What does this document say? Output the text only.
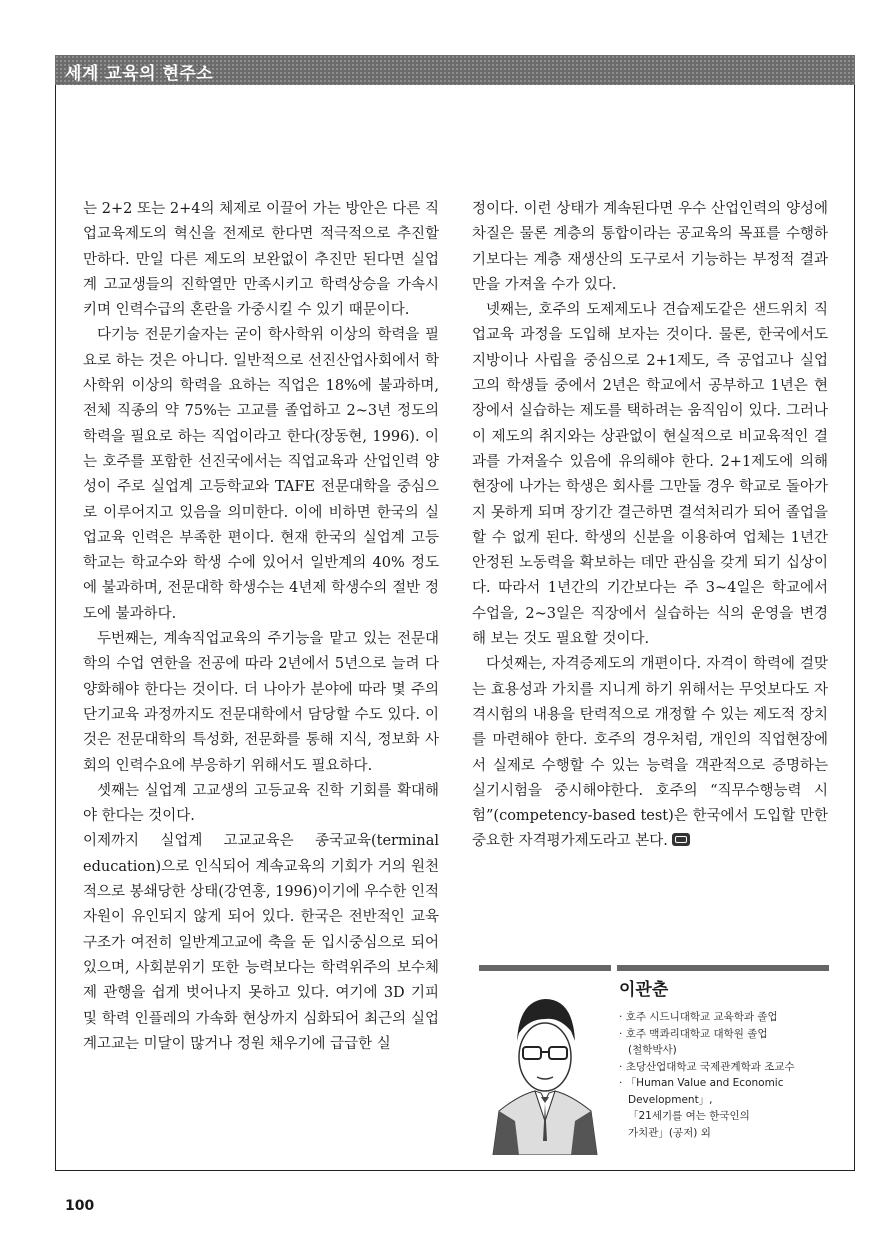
세계 교육의 현주소

는 2+2 또는 2+4의 체제로 이끌어 가는 방안은 다른 직업교육제도의 혁신을 전제로 한다면 적극적으로 추진할 만하다. 만일 다른 제도의 보완없이 추진만 된다면 실업계 고교생들의 진학열만 만족시키고 학력상승을 가속시키며 인력수급의 혼란을 가중시킬 수 있기 때문이다.

다기능 전문기술자는 굳이 학사학위 이상의 학력을 필요로 하는 것은 아니다. 일반적으로 선진산업사회에서 학사학위 이상의 학력을 요하는 직업은 18%에 불과하며, 전체 직종의 약 75%는 고교를 졸업하고 2~3년 정도의 학력을 필요로 하는 직업이라고 한다(장동현, 1996). 이는 호주를 포함한 선진국에서는 직업교육과 산업인력 양성이 주로 실업계 고등학교와 TAFE 전문대학을 중심으로 이루어지고 있음을 의미한다. 이에 비하면 한국의 실업교육 인력은 부족한 편이다. 현재 한국의 실업계 고등학교는 학교수와 학생 수에 있어서 일반계의 40% 정도에 불과하며, 전문대학 학생수는 4년제 학생수의 절반 정도에 불과하다.

두번째는, 계속직업교육의 주기능을 맡고 있는 전문대학의 수업 연한을 전공에 따라 2년에서 5년으로 늘려 다양화해야 한다는 것이다. 더 나아가 분야에 따라 몇 주의 단기교육 과정까지도 전문대학에서 담당할 수도 있다. 이것은 전문대학의 특성화, 전문화를 통해 지식, 정보화 사회의 인력수요에 부응하기 위해서도 필요하다.

셋째는 실업계 고교생의 고등교육 진학 기회를 확대해야 한다는 것이다.

이제까지 실업계 고교교육은 종국교육(terminal education)으로 인식되어 계속교육의 기회가 거의 원천적으로 봉쇄당한 상태(강연홍, 1996)이기에 우수한 인적자원이 유인되지 않게 되어 있다. 한국은 전반적인 교육구조가 여전히 일반계고교에 축을 둔 입시중심으로 되어있으며, 사회분위기 또한 능력보다는 학력위주의 보수체제 관행을 쉽게 벗어나지 못하고 있다. 여기에 3D 기피 및 학력 인플레의 가속화 현상까지 심화되어 최근의 실업계고교는 미달이 많거나 정원 채우기에 급급한 실

정이다. 이런 상태가 계속된다면 우수 산업인력의 양성에 차질은 물론 계층의 통합이라는 공교육의 목표를 수행하기보다는 계층 재생산의 도구로서 기능하는 부정적 결과만을 가져올 수가 있다.

넷째는, 호주의 도제제도나 견습제도같은 샌드위치 직업교육 과정을 도입해 보자는 것이다. 물론, 한국에서도 지방이나 사립을 중심으로 2+1제도, 즉 공업고나 실업고의 학생들 중에서 2년은 학교에서 공부하고 1년은 현장에서 실습하는 제도를 택하려는 움직임이 있다. 그러나 이 제도의 취지와는 상관없이 현실적으로 비교육적인 결과를 가져올수 있음에 유의해야 한다. 2+1제도에 의해 현장에 나가는 학생은 회사를 그만둘 경우 학교로 돌아가지 못하게 되며 장기간 결근하면 결석처리가 되어 졸업을 할 수 없게 된다. 학생의 신분을 이용하여 업체는 1년간 안정된 노동력을 확보하는 데만 관심을 갖게 되기 십상이다. 따라서 1년간의 기간보다는 주 3~4일은 학교에서 수업을, 2~3일은 직장에서 실습하는 식의 운영을 변경해 보는 것도 필요할 것이다.

다섯째는, 자격증제도의 개편이다. 자격이 학력에 걸맞는 효용성과 가치를 지니게 하기 위해서는 무엇보다도 자격시험의 내용을 탄력적으로 개정할 수 있는 제도적 장치를 마련해야 한다. 호주의 경우처럼, 개인의 직업현장에서 실제로 수행할 수 있는 능력을 객관적으로 증명하는 실기시험을 중시해야한다. 호주의 “직무수행능력 시험”(competency-based test)은 한국에서 도입할 만한 중요한 자격평가제도라고 본다.

이관춘
· 호주 시드니대학교 교육학과 졸업
· 호주 맥콰리대학교 대학원 졸업
(철학박사)
· 초당산업대학교 국제관계학과 조교수
· 「Human Value and Economic
Development」,
「21세기를 여는 한국인의
가치관」(공저) 외
100
